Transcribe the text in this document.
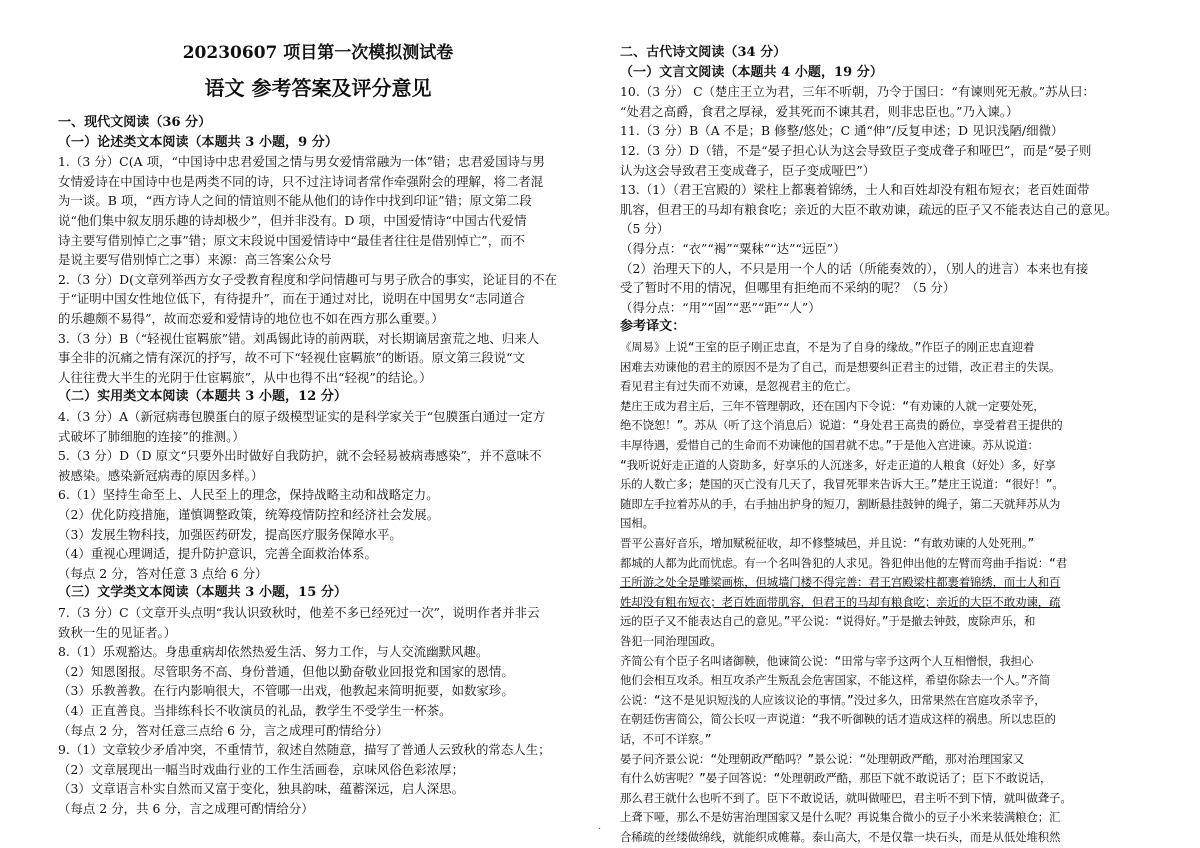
20230607 项目第一次模拟测试卷
语文 参考答案及评分意见
一、现代文阅读（36 分）
（一）论述类文本阅读（本题共 3 小题，9 分）
1.（3 分）C(A 项，“中国诗中忠君爱国之情与男女爱情常融为一体”错；忠君爱国诗与男
女情爱诗在中国诗中也是两类不同的诗，只不过注诗词者常作牵强附会的理解，将二者混
为一谈。B 项，“西方诗人之间的情谊则不能从他们的诗作中找到印证”错；原文第二段
说“他们集中叙友朋乐趣的诗却极少”，但并非没有。D 项，中国爱情诗“中国古代爱情
诗主要写借别悼亡之事”错；原文末段说中国爱情诗中“最佳者往往是借别悼亡”，而不
是说主要写借别悼亡之事）来源：高三答案公众号
2.（3 分）D(文章列举西方女子受教育程度和学问情趣可与男子欣合的事实，论证目的不在
于“证明中国女性地位低下，有待提升”，而在于通过对比，说明在中国男女“志同道合
的乐趣颇不易得”，故而恋爱和爱情诗的地位也不如在西方那么重要。）
3.（3 分）B（“轻视仕宦羁旅”错。刘禹锡此诗的前两联，对长期谪居蛮荒之地、归来人
事全非的沉痛之情有深沉的抒写，故不可下“轻视仕宦羁旅”的断语。原文第三段说“文
人往往费大半生的光阴于仕宦羁旅”，从中也得不出“轻视”的结论。）
（二）实用类文本阅读（本题共 3 小题，12 分）
4.（3 分）A（新冠病毒包膜蛋白的原子级模型证实的是科学家关于“包膜蛋白通过一定方
式破坏了肺细胞的连接”的推测。）
5.（3 分）D（D 原文“只要外出时做好自我防护，就不会轻易被病毒感染”，并不意味不
被感染。感染新冠病毒的原因多样。）
6.（1）坚持生命至上、人民至上的理念，保持战略主动和战略定力。
（2）优化防疫措施，谨慎调整政策，统筹疫情防控和经济社会发展。
（3）发展生物科技，加强医药研发，提高医疗服务保障水平。
（4）重视心理调适，提升防护意识，完善全面救治体系。
（每点 2 分，答对任意 3 点给 6 分）
（三）文学类文本阅读（本题共 3 小题，15 分）
7.（3 分）C（文章开头点明“我认识致秋时，他差不多已经死过一次”，说明作者并非云
致秋一生的见证者。）
8.（1）乐观豁达。身患重病却依然热爱生活、努力工作，与人交流幽默风趣。
（2）知恩图报。尽管职务不高、身份普通，但他以勤奋敬业回报党和国家的恩情。
（3）乐教善教。在行内影响很大，不管哪一出戏，他教起来简明扼要，如数家珍。
（4）正直善良。当排练科长不收演员的礼品，教学生不受学生一杯茶。
（每点 2 分，答对任意三点给 6 分，言之成理可酌情给分）
9.（1）文章较少矛盾冲突，不重情节，叙述自然随意，描写了普通人云致秋的常态人生；
（2）文章展现出一幅当时戏曲行业的工作生活画卷，京味风俗色彩浓厚；
（3）文章语言朴实自然而又富于变化，独具韵味，蕴蓄深远，启人深思。
（每点 2 分，共 6 分，言之成理可酌情给分）
二、古代诗文阅读（34 分）
（一）文言文阅读（本题共 4 小题，19 分）
10.（3 分） C（楚庄王立为君，三年不听朝，乃令于国曰：“有谏则死无赦。”苏从曰：
“处君之高爵，食君之厚禄，爱其死而不谏其君，则非忠臣也。”乃入谏。）
11.（3 分）B（A 不是；B 修整/悠处；C 通“伸”/反复申述；D 见识浅陋/细微）
12.（3 分）D（错，不是“晏子担心认为这会导致臣子变成聋子和哑巴”，而是“晏子则
认为这会导致君王变成聋子，臣子变成哑巴”）
13.（1）（君王宫殿的）梁柱上都裹着锦绣，士人和百姓却没有粗布短衣；老百姓面带
肌容，但君王的马却有粮食吃；亲近的大臣不敢劝谏，疏远的臣子又不能表达自己的意见。
（5 分）
（得分点：“衣”“褐”“粟秣”“达”“远臣”）
（2）治理天下的人，不只是用一个人的话（所能奏效的），（别人的进言）本来也有接
受了暂时不用的情况，但哪里有拒绝而不采纳的呢？（5 分）
（得分点：“用”“固”“恶”“距”“人”）
参考译文：
《周易》上说“王室的臣子刚正忠直，不是为了自身的缘故。”作臣子的刚正忠直迎着
困难去劝谏他的君主的原因不是为了自己，而是想要纠正君主的过错，改正君主的失误。
看见君主有过失而不劝谏，是忽视君主的危亡。
楚庄王成为君主后，三年不管理朝政，还在国内下令说：“有劝谏的人就一定要处死，
绝不饶恕！”。苏从（听了这个消息后）说道：“身处君王高贵的爵位，享受着君王提供的
丰厚待遇，爱惜自己的生命而不劝谏他的国君就不忠。”于是他入宫进谏。苏从说道：
“我听说好走正道的人资助多，好享乐的人沉迷多，好走正道的人粮食（好处）多，好享
乐的人数亡多；楚国的灭亡没有几天了，我冒死罪来告诉大王。”楚庄王说道：“很好！”。
随即左手拉着苏从的手，右手抽出护身的短刀，割断悬挂鼓钟的绳子，第二天就拜苏从为
国相。
晋平公喜好音乐，增加赋税征收，却不修整城邑，并且说：“有敢劝谏的人处死刑。”
都城的人都为此而忧虑。有一个名叫咎犯的人求见。咎犯伸出他的左臂而弯曲手指说：“君
王所游之处全是雕梁画栋，但城墙门楼不得完善：君王宫殿梁柱都裹着锦绣，而士人和百
姓却没有粗布短衣；老百姓面带肌容，但君王的马却有粮食吃；亲近的大臣不敢劝谏，疏
远的臣子又不能表达自己的意见。”平公说：“说得好。”于是撤去钟鼓，废除声乐，和
咎犯一同治理国政。
齐简公有个臣子名叫诸御鞅，他谏简公说：“田常与宰予这两个人互相憎恨，我担心
他们会相互攻杀。相互攻杀产生叛乱会危害国家，不能这样，希望你除去一个人。”齐简
公说：“这不是见识短浅的人应该议论的事情。”没过多久，田常果然在宫庭攻杀宰予，
在朝廷伤害简公，简公长叹一声说道：“我不听御鞅的话才造成这样的祸患。所以忠臣的
话，不可不详察。”
晏子问齐景公说：“处理朝政严酷吗？”景公说：“处理朝政严酷，那对治理国家又
有什么妨害呢？”晏子回答说：“处理朝政严酷，那臣下就不敢说话了；臣下不敢说话，
那么君王就什么也听不到了。臣下不敢说话，就叫做哑巴，君主听不到下情，就叫做聋子。
上聋下哑，那么不是妨害治理国家又是什么呢？再说集合微小的豆子小米来装满粮仓；汇
合稀疏的丝缕做绵线，就能织成帷幕。泰山高大，不是仅靠一块石头，而是从低处堆积然
·
